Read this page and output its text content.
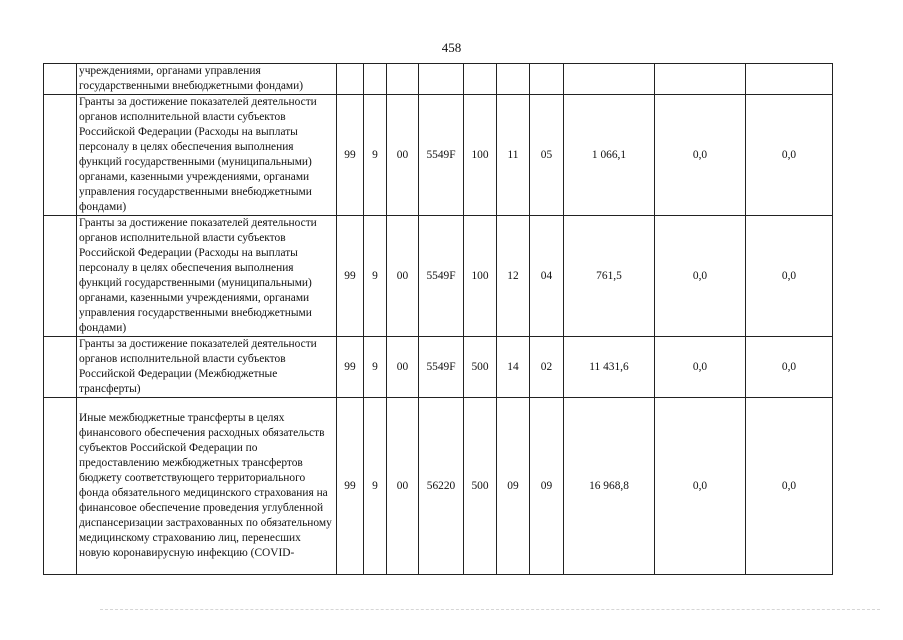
458
	учреждениями, органами управления государственными внебюджетными фондами)										
	Гранты за достижение показателей деятельности органов исполнительной власти субъектов Российской Федерации (Расходы на выплаты персоналу в целях обеспечения выполнения функций государственными (муниципальными) органами, казенными учреждениями, органами управления государственными внебюджетными фондами)	99	9	00	5549F	100	11	05	1 066,1	0,0	0,0
	Гранты за достижение показателей деятельности органов исполнительной власти субъектов Российской Федерации (Расходы на выплаты персоналу в целях обеспечения выполнения функций государственными (муниципальными) органами, казенными учреждениями, органами управления государственными внебюджетными фондами)	99	9	00	5549F	100	12	04	761,5	0,0	0,0
	Гранты за достижение показателей деятельности органов исполнительной власти субъектов Российской Федерации (Межбюджетные трансферты)	99	9	00	5549F	500	14	02	11 431,6	0,0	0,0
	Иные межбюджетные трансферты в целях финансового обеспечения расходных обязательств субъектов Российской Федерации по предоставлению межбюджетных трансфертов бюджету соответствующего территориального фонда обязательного медицинского страхования на финансовое обеспечение проведения углубленной диспансеризации застрахованных по обязательному медицинскому страхованию лиц, перенесших новую коронавирусную инфекцию (COVID-	99	9	00	56220	500	09	09	16 968,8	0,0	0,0
